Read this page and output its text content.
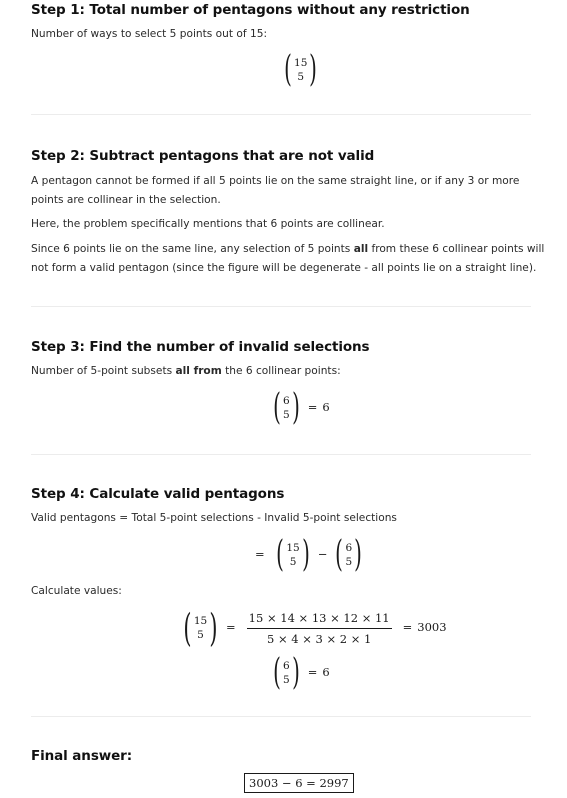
Step 1: Total number of pentagons without any restriction
Number of ways to select 5 points out of 15:
( 15
5 )
Step 2: Subtract pentagons that are not valid
A pentagon cannot be formed if all 5 points lie on the same straight line, or if any 3 or more points are collinear in the selection.
Here, the problem specifically mentions that 6 points are collinear.
Since 6 points lie on the same line, any selection of 5 points all from these 6 collinear points will not form a valid pentagon (since the figure will be degenerate - all points lie on a straight line).
Step 3: Find the number of invalid selections
Number of 5-point subsets all from the 6 collinear points:
( 6
5 ) = 6
Step 4: Calculate valid pentagons
Valid pentagons = Total 5-point selections - Invalid 5-point selections
= ( 15
5 ) − ( 6
5 )
Calculate values:
( 15
5 ) = $\frac{15 \times 14 \times 13 \times 12 \times 11}{5 \times 4 \times 3 \times 2 \times 1} = 3003$
( 6
5 ) = 6
Final answer:
3003 − 6 = 2997
